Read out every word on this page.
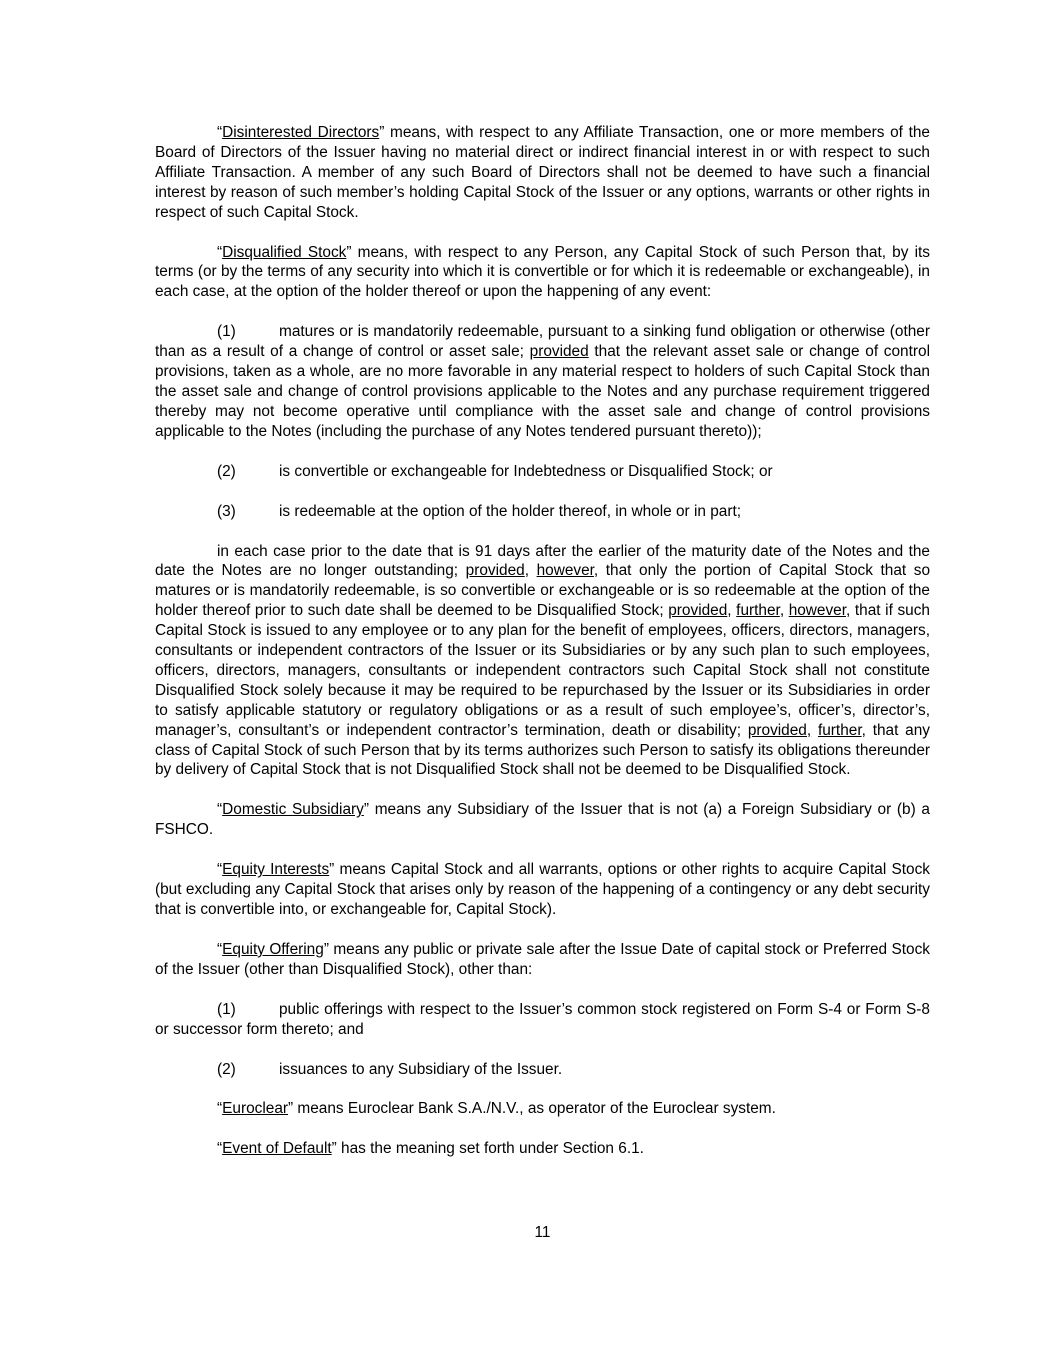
“Disinterested Directors” means, with respect to any Affiliate Transaction, one or more members of the Board of Directors of the Issuer having no material direct or indirect financial interest in or with respect to such Affiliate Transaction. A member of any such Board of Directors shall not be deemed to have such a financial interest by reason of such member’s holding Capital Stock of the Issuer or any options, warrants or other rights in respect of such Capital Stock.

“Disqualified Stock” means, with respect to any Person, any Capital Stock of such Person that, by its terms (or by the terms of any security into which it is convertible or for which it is redeemable or exchangeable), in each case, at the option of the holder thereof or upon the happening of any event:

(1)	matures or is mandatorily redeemable, pursuant to a sinking fund obligation or otherwise (other than as a result of a change of control or asset sale; provided that the relevant asset sale or change of control provisions, taken as a whole, are no more favorable in any material respect to holders of such Capital Stock than the asset sale and change of control provisions applicable to the Notes and any purchase requirement triggered thereby may not become operative until compliance with the asset sale and change of control provisions applicable to the Notes (including the purchase of any Notes tendered pursuant thereto));

(2)	is convertible or exchangeable for Indebtedness or Disqualified Stock; or

(3)	is redeemable at the option of the holder thereof, in whole or in part;

in each case prior to the date that is 91 days after the earlier of the maturity date of the Notes and the date the Notes are no longer outstanding; provided, however, that only the portion of Capital Stock that so matures or is mandatorily redeemable, is so convertible or exchangeable or is so redeemable at the option of the holder thereof prior to such date shall be deemed to be Disqualified Stock; provided, further, however, that if such Capital Stock is issued to any employee or to any plan for the benefit of employees, officers, directors, managers, consultants or independent contractors of the Issuer or its Subsidiaries or by any such plan to such employees, officers, directors, managers, consultants or independent contractors such Capital Stock shall not constitute Disqualified Stock solely because it may be required to be repurchased by the Issuer or its Subsidiaries in order to satisfy applicable statutory or regulatory obligations or as a result of such employee’s, officer’s, director’s, manager’s, consultant’s or independent contractor’s termination, death or disability; provided, further, that any class of Capital Stock of such Person that by its terms authorizes such Person to satisfy its obligations thereunder by delivery of Capital Stock that is not Disqualified Stock shall not be deemed to be Disqualified Stock.

“Domestic Subsidiary” means any Subsidiary of the Issuer that is not (a) a Foreign Subsidiary or (b) a FSHCO.

“Equity Interests” means Capital Stock and all warrants, options or other rights to acquire Capital Stock (but excluding any Capital Stock that arises only by reason of the happening of a contingency or any debt security that is convertible into, or exchangeable for, Capital Stock).

“Equity Offering” means any public or private sale after the Issue Date of capital stock or Preferred Stock of the Issuer (other than Disqualified Stock), other than:

(1)	public offerings with respect to the Issuer’s common stock registered on Form S-4 or Form S-8 or successor form thereto; and

(2)	issuances to any Subsidiary of the Issuer.

“Euroclear” means Euroclear Bank S.A./N.V., as operator of the Euroclear system.

“Event of Default” has the meaning set forth under Section 6.1.

11
